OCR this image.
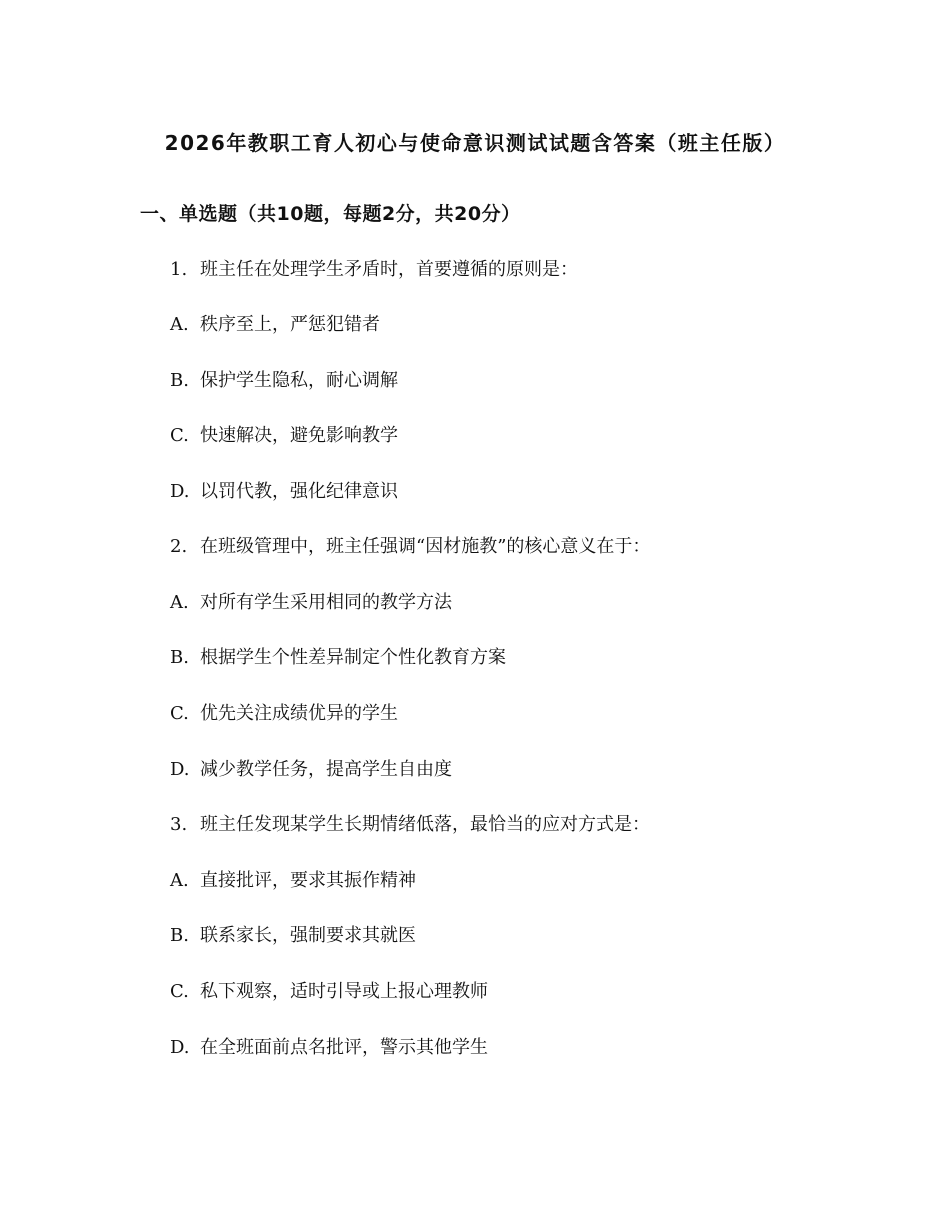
2026年教职工育人初心与使命意识测试试题含答案（班主任版）
一、单选题（共10题，每题2分，共20分）
1. 班主任在处理学生矛盾时，首要遵循的原则是：
A. 秩序至上，严惩犯错者
B. 保护学生隐私，耐心调解
C. 快速解决，避免影响教学
D. 以罚代教，强化纪律意识
2. 在班级管理中，班主任强调“因材施教”的核心意义在于：
A. 对所有学生采用相同的教学方法
B. 根据学生个性差异制定个性化教育方案
C. 优先关注成绩优异的学生
D. 减少教学任务，提高学生自由度
3. 班主任发现某学生长期情绪低落，最恰当的应对方式是：
A. 直接批评，要求其振作精神
B. 联系家长，强制要求其就医
C. 私下观察，适时引导或上报心理教师
D. 在全班面前点名批评，警示其他学生
